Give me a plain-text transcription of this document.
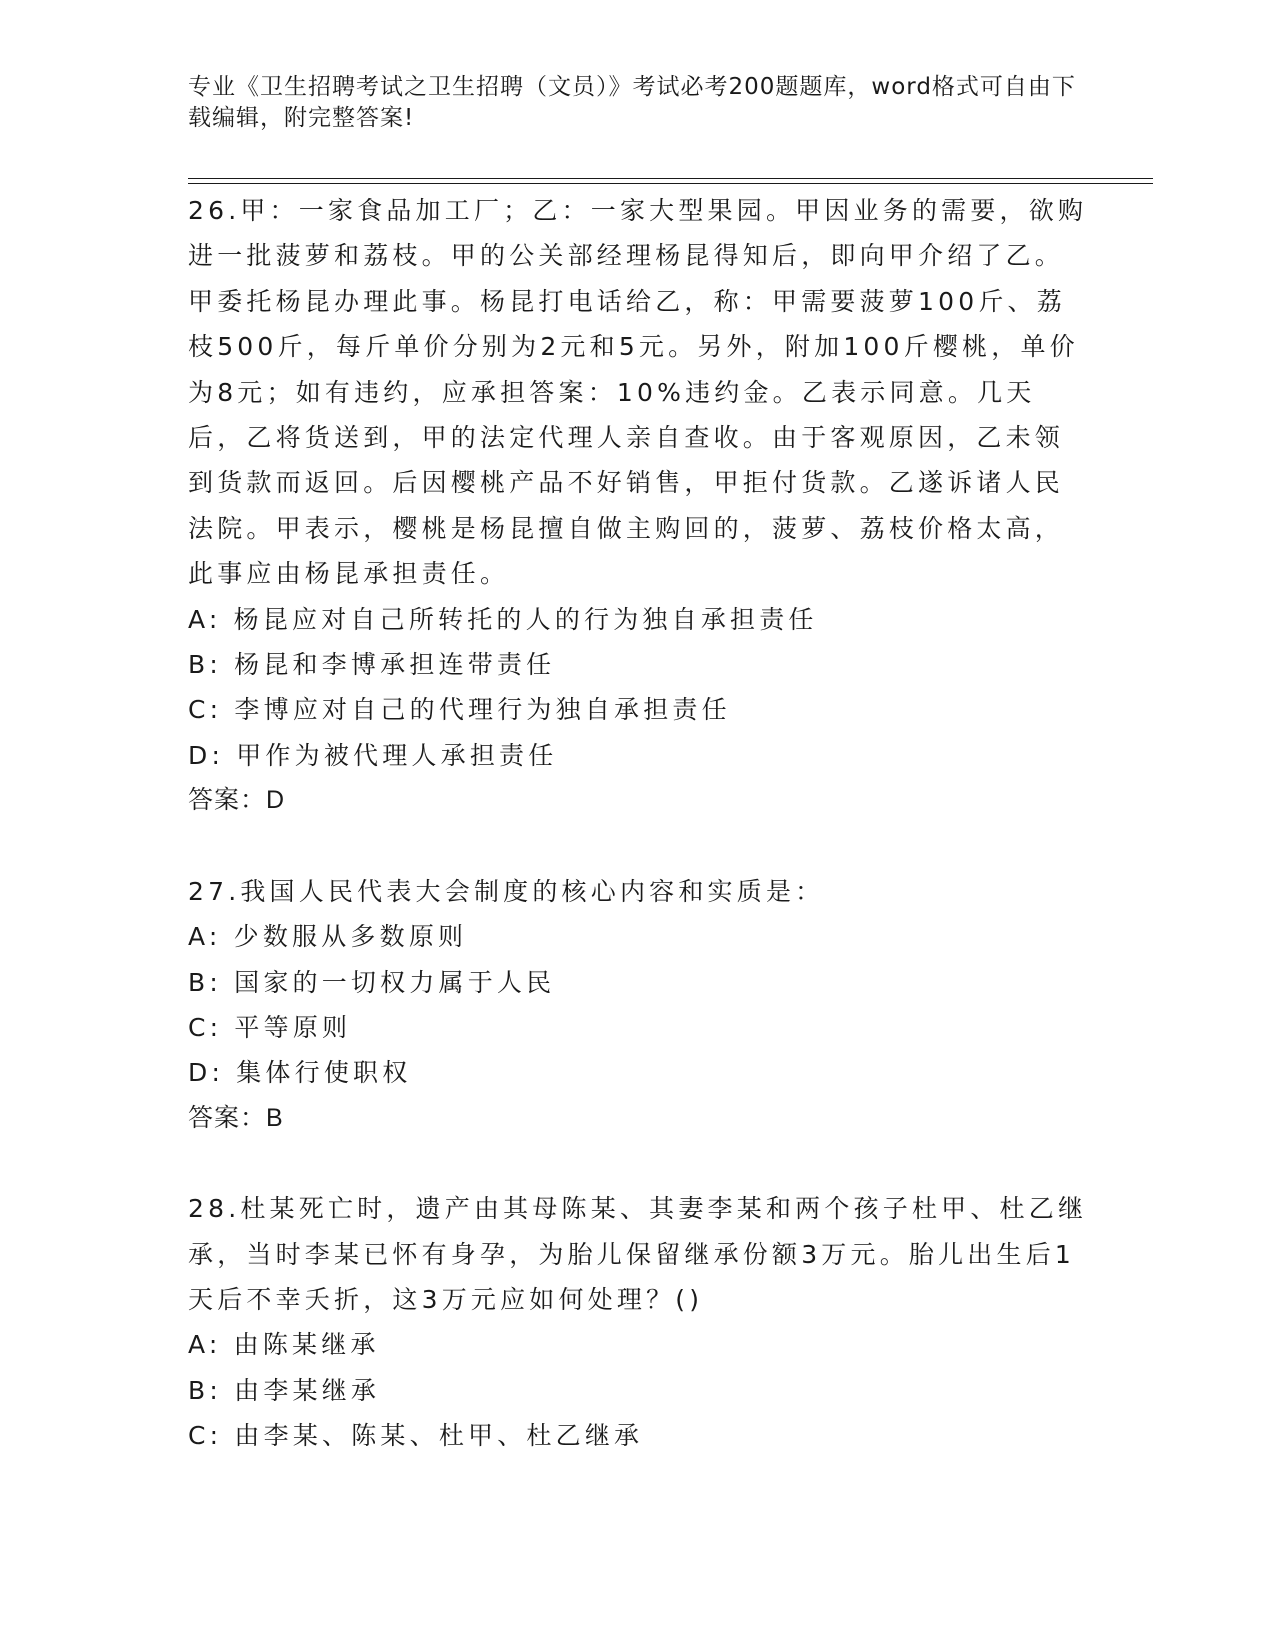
专业《卫生招聘考试之卫生招聘（文员）》考试必考200题题库，word格式可自由下载编辑，附完整答案!

26.甲：一家食品加工厂；乙：一家大型果园。甲因业务的需要，欲购进一批菠萝和荔枝。甲的公关部经理杨昆得知后，即向甲介绍了乙。甲委托杨昆办理此事。杨昆打电话给乙，称：甲需要菠萝100斤、荔枝500斤，每斤单价分别为2元和5元。另外，附加100斤樱桃，单价为8元；如有违约，应承担答案：10%违约金。乙表示同意。几天后，乙将货送到，甲的法定代理人亲自查收。由于客观原因，乙未领到货款而返回。后因樱桃产品不好销售，甲拒付货款。乙遂诉诸人民法院。甲表示，樱桃是杨昆擅自做主购回的，菠萝、荔枝价格太高，此事应由杨昆承担责任。

A: 杨昆应对自己所转托的人的行为独自承担责任

B: 杨昆和李博承担连带责任

C: 李博应对自己的代理行为独自承担责任

D: 甲作为被代理人承担责任

答案：D

27.我国人民代表大会制度的核心内容和实质是：

A: 少数服从多数原则

B: 国家的一切权力属于人民

C: 平等原则

D: 集体行使职权

答案：B

28.杜某死亡时，遗产由其母陈某、其妻李某和两个孩子杜甲、杜乙继承，当时李某已怀有身孕，为胎儿保留继承份额3万元。胎儿出生后1天后不幸夭折，这3万元应如何处理？()

A: 由陈某继承

B: 由李某继承

C: 由李某、陈某、杜甲、杜乙继承
